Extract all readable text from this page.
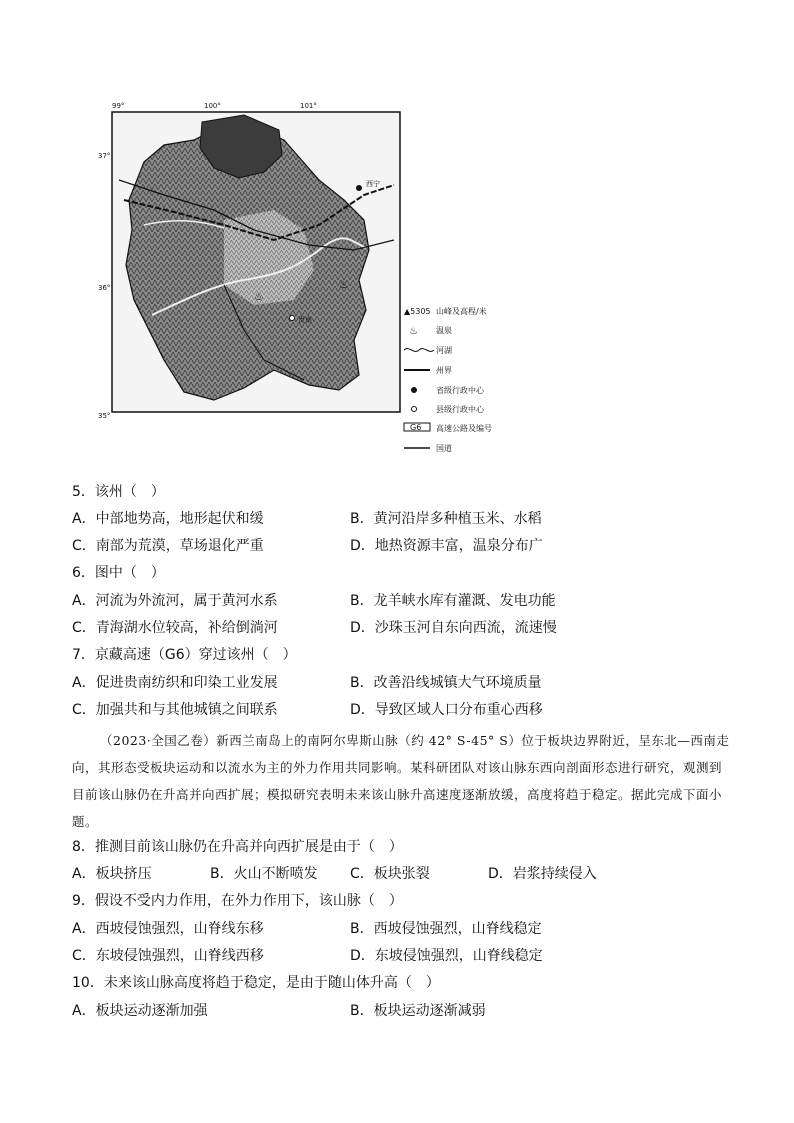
99°	100°	101°
37°
36°
35°
西宁
贵南
♨
♨
▲5305 山峰及高程/米
♨ 温泉
河湖
州界
省级行政中心
县级行政中心
G6 高速公路及编号
国道
5．该州（　）
A．中部地势高，地形起伏和缓	B．黄河沿岸多种植玉米、水稻
C．南部为荒漠，草场退化严重	D．地热资源丰富，温泉分布广
6．图中（　）
A．河流为外流河，属于黄河水系	B．龙羊峡水库有灌溉、发电功能
C．青海湖水位较高，补给倒淌河	D．沙珠玉河自东向西流，流速慢
7．京藏高速（G6）穿过该州（　）
A．促进贵南纺织和印染工业发展	B．改善沿线城镇大气环境质量
C．加强共和与其他城镇之间联系	D．导致区域人口分布重心西移

（2023·全国乙卷）新西兰南岛上的南阿尔卑斯山脉（约 42° S-45° S）位于板块边界附近，呈东北—西南走向，其形态受板块运动和以流水为主的外力作用共同影响。某科研团队对该山脉东西向剖面形态进行研究，观测到目前该山脉仍在升高并向西扩展；模拟研究表明未来该山脉升高速度逐渐放缓，高度将趋于稳定。据此完成下面小题。

8．推测目前该山脉仍在升高并向西扩展是由于（　）
A．板块挤压	B．火山不断喷发 C．板块张裂	D．岩浆持续侵入
9．假设不受内力作用，在外力作用下，该山脉（　）
A．西坡侵蚀强烈，山脊线东移	B．西坡侵蚀强烈，山脊线稳定
C．东坡侵蚀强烈，山脊线西移	D．东坡侵蚀强烈，山脊线稳定
10．未来该山脉高度将趋于稳定，是由于随山体升高（　）
A．板块运动逐渐加强	B．板块运动逐渐减弱
